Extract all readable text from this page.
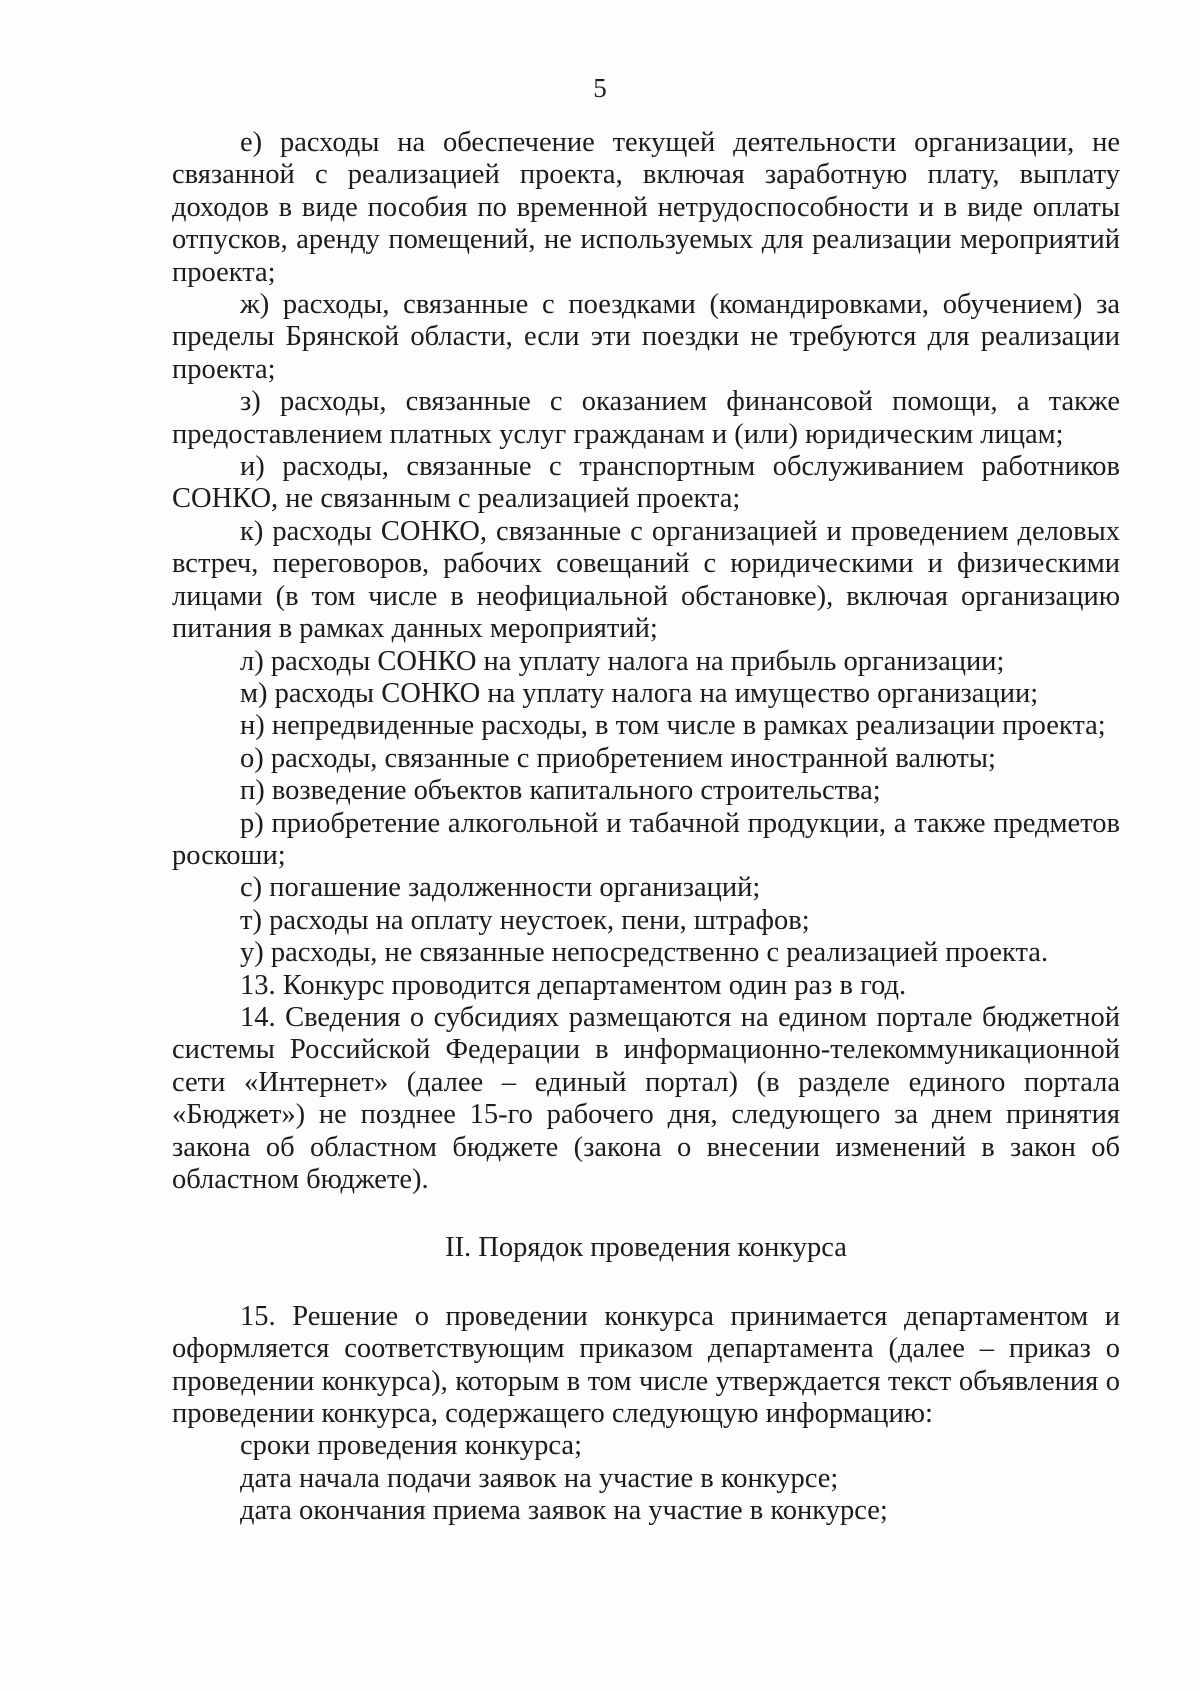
5

е) расходы на обеспечение текущей деятельности организации, не связанной с реализацией проекта, включая заработную плату, выплату доходов в виде пособия по временной нетрудоспособности и в виде оплаты отпусков, аренду помещений, не используемых для реализации мероприятий проекта;

ж) расходы, связанные с поездками (командировками, обучением) за пределы Брянской области, если эти поездки не требуются для реализации проекта;

з) расходы, связанные с оказанием финансовой помощи, а также предоставлением платных услуг гражданам и (или) юридическим лицам;

и) расходы, связанные с транспортным обслуживанием работников СОНКО, не связанным с реализацией проекта;

к) расходы СОНКО, связанные с организацией и проведением деловых встреч, переговоров, рабочих совещаний с юридическими и физическими лицами (в том числе в неофициальной обстановке), включая организацию питания в рамках данных мероприятий;

л) расходы СОНКО на уплату налога на прибыль организации;

м) расходы СОНКО на уплату налога на имущество организации;

н) непредвиденные расходы, в том числе в рамках реализации проекта;

о) расходы, связанные с приобретением иностранной валюты;

п) возведение объектов капитального строительства;

р) приобретение алкогольной и табачной продукции, а также предметов роскоши;

с) погашение задолженности организаций;

т) расходы на оплату неустоек, пени, штрафов;

у) расходы, не связанные непосредственно с реализацией проекта.

13. Конкурс проводится департаментом один раз в год.

14. Сведения о субсидиях размещаются на едином портале бюджетной системы Российской Федерации в информационно-телекоммуникационной сети «Интернет» (далее – единый портал) (в разделе единого портала «Бюджет») не позднее 15-го рабочего дня, следующего за днем принятия закона об областном бюджете (закона о внесении изменений в закон об областном бюджете).

II. Порядок проведения конкурса

15. Решение о проведении конкурса принимается департаментом и оформляется соответствующим приказом департамента (далее – приказ о проведении конкурса), которым в том числе утверждается текст объявления о проведении конкурса, содержащего следующую информацию:

сроки проведения конкурса;

дата начала подачи заявок на участие в конкурсе;

дата окончания приема заявок на участие в конкурсе;
